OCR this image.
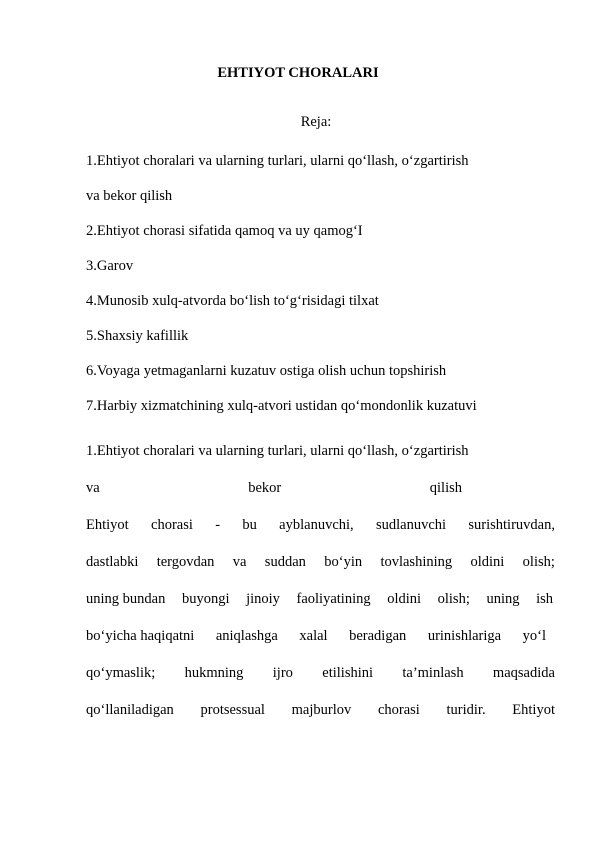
EHTIYOT CHORALARI
Reja:
1.Ehtiyot choralari va ularning turlari, ularni qo‘llash, o‘zgartirish
va bekor qilish
2.Ehtiyot chorasi sifatida qamoq va uy qamog‘I
3.Garov
4.Munosib xulq-atvorda bo‘lish to‘g‘risidagi tilxat
5.Shaxsiy kafillik
6.Voyaga yetmaganlarni kuzatuv ostiga olish uchun topshirish
7.Harbiy xizmatchining xulq-atvori ustidan qo‘mondonlik kuzatuvi
1.Ehtiyot choralari va ularning turlari, ularni qo‘llash, o‘zgartirish
va	bekor	qilish
Ehtiyot chorasi - bu ayblanuvchi, sudlanuvchi surishtiruvdan,
dastlabki tergovdan va suddan bo‘yin tovlashining oldini olish;
uning bundan buyongi jinoiy faoliyatining oldini olish; uning ish
bo‘yicha haqiqatni aniqlashga xalal beradigan urinishlariga yo‘l
qo‘ymaslik; hukmning ijro etilishini ta’minlash maqsadida
qo‘llaniladigan protsessual majburlov chorasi turidir. Ehtiyot
